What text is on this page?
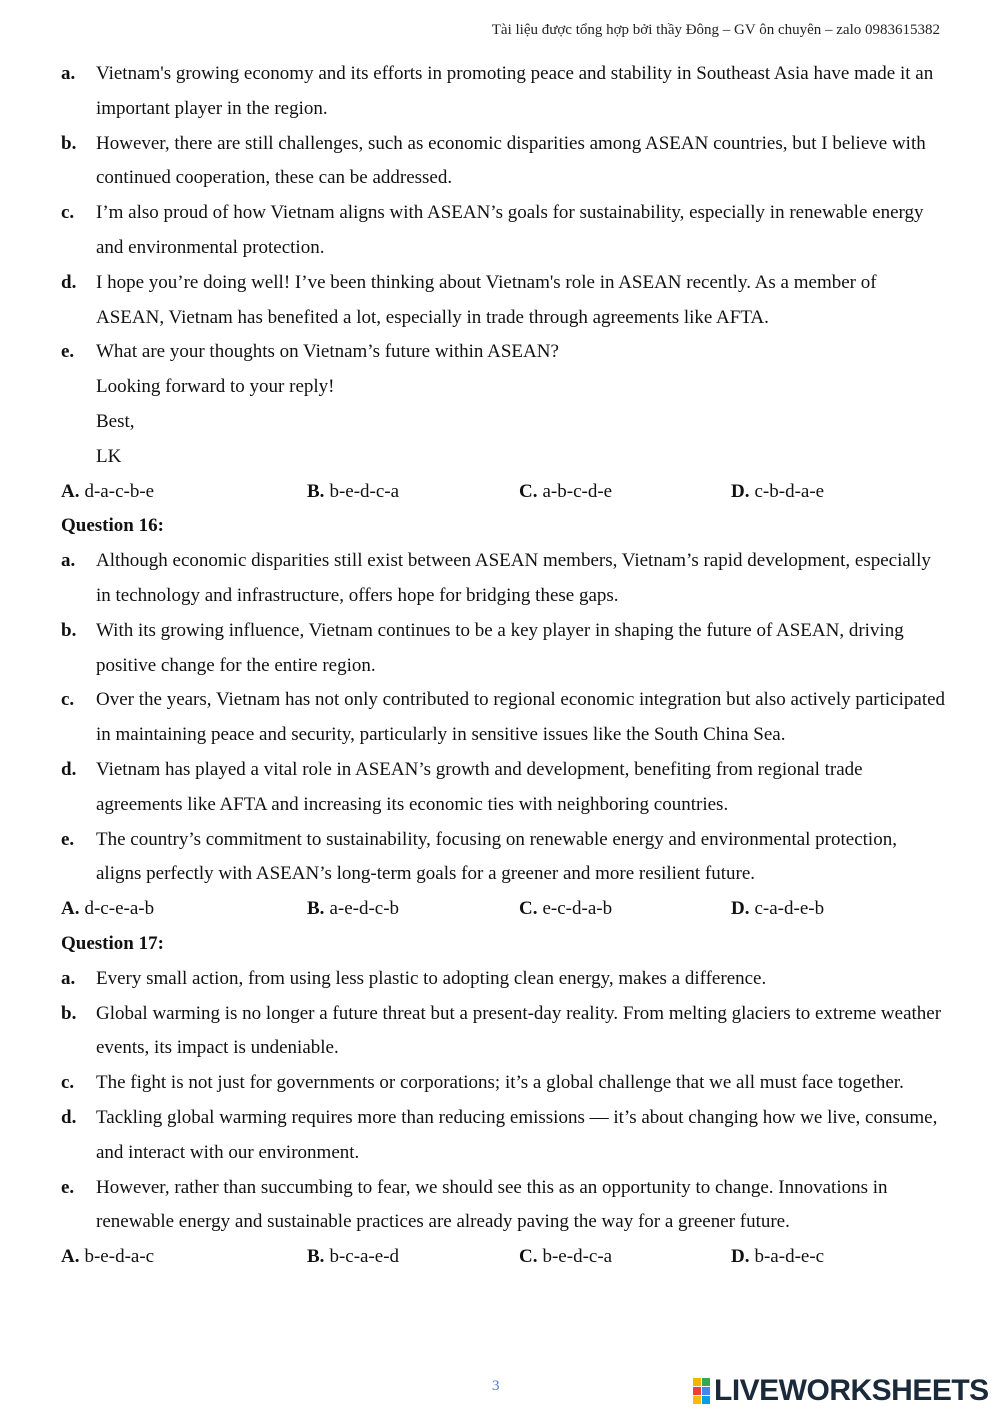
Tài liệu được tổng hợp bởi thầy Đông – GV ôn chuyên – zalo 0983615382
a.	Vietnam's growing economy and its efforts in promoting peace and stability in Southeast Asia have made it an important player in the region.
b.	However, there are still challenges, such as economic disparities among ASEAN countries, but I believe with continued cooperation, these can be addressed.
c.	I’m also proud of how Vietnam aligns with ASEAN’s goals for sustainability, especially in renewable energy and environmental protection.
d.	I hope you’re doing well! I’ve been thinking about Vietnam's role in ASEAN recently. As a member of ASEAN, Vietnam has benefited a lot, especially in trade through agreements like AFTA.
e.	What are your thoughts on Vietnam’s future within ASEAN?
Looking forward to your reply!
Best,
LK
A. d-a-c-b-e	B. b-e-d-c-a	C. a-b-c-d-e	D. c-b-d-a-e
Question 16:
a.	Although economic disparities still exist between ASEAN members, Vietnam’s rapid development, especially in technology and infrastructure, offers hope for bridging these gaps.
b.	With its growing influence, Vietnam continues to be a key player in shaping the future of ASEAN, driving positive change for the entire region.
c.	Over the years, Vietnam has not only contributed to regional economic integration but also actively participated in maintaining peace and security, particularly in sensitive issues like the South China Sea.
d.	Vietnam has played a vital role in ASEAN’s growth and development, benefiting from regional trade agreements like AFTA and increasing its economic ties with neighboring countries.
e.	The country’s commitment to sustainability, focusing on renewable energy and environmental protection, aligns perfectly with ASEAN’s long-term goals for a greener and more resilient future.
A. d-c-e-a-b	B. a-e-d-c-b	C. e-c-d-a-b	D. c-a-d-e-b
Question 17:
a.	Every small action, from using less plastic to adopting clean energy, makes a difference.
b.	Global warming is no longer a future threat but a present-day reality. From melting glaciers to extreme weather events, its impact is undeniable.
c.	The fight is not just for governments or corporations; it’s a global challenge that we all must face together.
d.	Tackling global warming requires more than reducing emissions — it’s about changing how we live, consume, and interact with our environment.
e.	However, rather than succumbing to fear, we should see this as an opportunity to change. Innovations in renewable energy and sustainable practices are already paving the way for a greener future.
A. b-e-d-a-c	B. b-c-a-e-d	C. b-e-d-c-a	D. b-a-d-e-c
3	LIVEWORKSHEETS
